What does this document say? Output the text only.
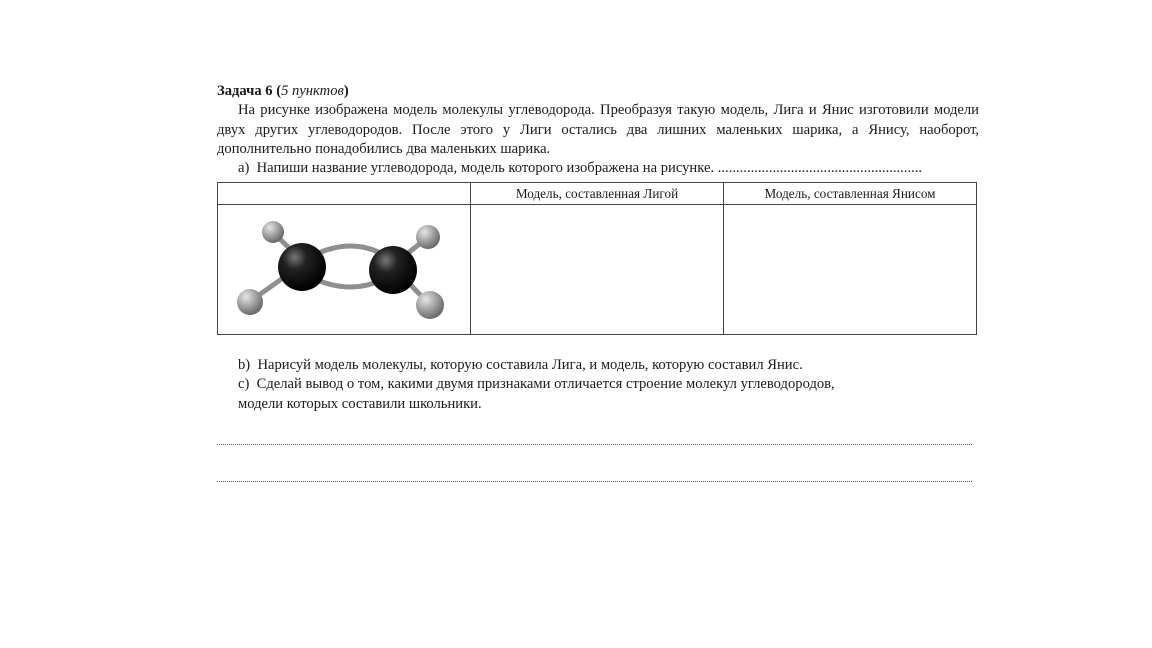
Задача 6 (5 пунктов)

На рисунке изображена модель молекулы углеводорода. Преобразуя такую модель, Лига и Янис изготовили модели двух других углеводородов. После этого у Лиги остались два лишних маленьких шарика, а Янису, наоборот, дополнительно понадобились два маленьких шарика.

a) Напиши название углеводорода, модель которого изображена на рисунке. ........................................................

	Модель, составленная Лигой	Модель, составленная Янисом

b) Нарисуй модель молекулы, которую составила Лига, и модель, которую составил Янис.

c) Сделай вывод о том, какими двумя признаками отличается строение молекул углеводородов,

модели которых составили школьники.
